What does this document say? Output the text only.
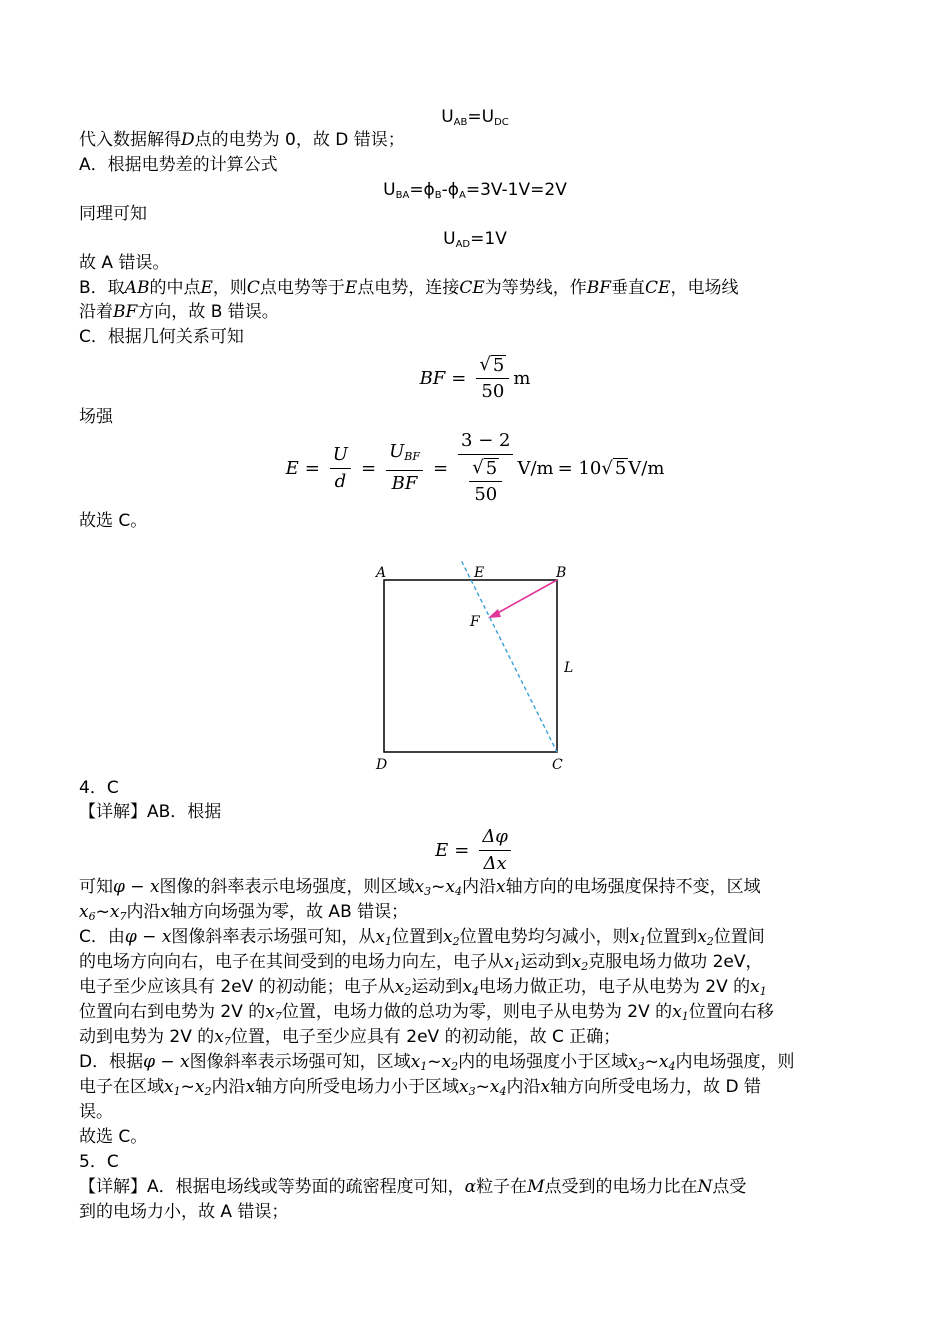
$U_{AB}=U_{DC}$
代入数据解得D点的电势为 0，故 D 错误；
A．根据电势差的计算公式
$U_{BA}=\phi_B-\phi_A=3V-1V=2V$
同理可知
$U_{AD}=1V$
故 A 错误。
B．取AB的中点E，则C点电势等于E点电势，连接CE为等势线，作BF垂直CE，电场线
沿着BF方向，故 B 错误。
C．根据几何关系可知
BF = $\frac{√ 5}{50}$ m
场强
$E = \frac{U}{d} = \frac{\text{UBF}}{BF} = \frac{3 - 2}{\frac{√ 5}{50}} V/m = 10$ √ 5 V/m
故选 C。
A	E	B
F
L
D	C
4．C
【详解】AB．根据
$E = \frac{\Delta\varphi}{\Delta x}$
可知φ − x图像的斜率表示电场强度，则区域x3~x4内沿x轴方向的电场强度保持不变，区域
x6~x7内沿x轴方向场强为零，故 AB 错误；
C．由φ − x图像斜率表示场强可知，从x1位置到x2位置电势均匀减小，则x1位置到x2位置间
的电场方向向右，电子在其间受到的电场力向左，电子从x1运动到x2克服电场力做功 2eV，
电子至少应该具有 2eV 的初动能；电子从x2运动到x4电场力做正功，电子从电势为 2V 的x1
位置向右到电势为 2V 的x7位置，电场力做的总功为零，则电子从电势为 2V 的x1位置向右移
动到电势为 2V 的x7位置，电子至少应具有 2eV 的初动能，故 C 正确；
D．根据φ − x图像斜率表示场强可知，区域x1~x2内的电场强度小于区域x3~x4内电场强度，则
电子在区域x1~x2内沿x轴方向所受电场力小于区域x3~x4内沿x轴方向所受电场力，故 D 错
误。
故选 C。
5．C
【详解】A．根据电场线或等势面的疏密程度可知，α粒子在M点受到的电场力比在N点受
到的电场力小，故 A 错误；
